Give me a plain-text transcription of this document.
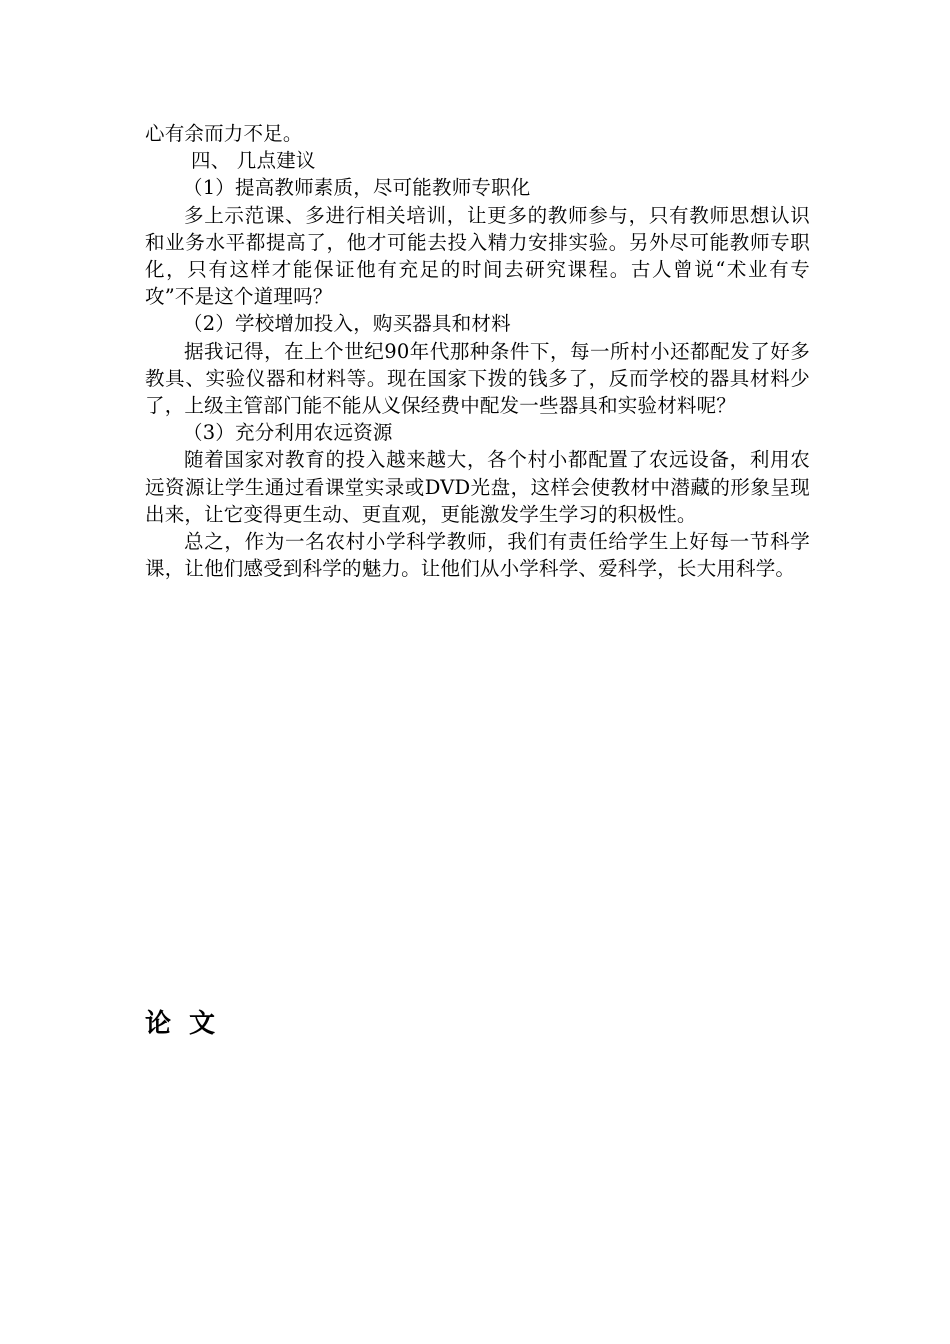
心有余而力不足。

四、 几点建议

（1）提高教师素质，尽可能教师专职化

多上示范课、多进行相关培训，让更多的教师参与，只有教师思想认识和业务水平都提高了，他才可能去投入精力安排实验。另外尽可能教师专职化，只有这样才能保证他有充足的时间去研究课程。古人曾说“术业有专攻”不是这个道理吗？

（2）学校增加投入，购买器具和材料

据我记得，在上个世纪90年代那种条件下，每一所村小还都配发了好多教具、实验仪器和材料等。现在国家下拨的钱多了，反而学校的器具材料少了，上级主管部门能不能从义保经费中配发一些器具和实验材料呢？

（3）充分利用农远资源

随着国家对教育的投入越来越大，各个村小都配置了农远设备，利用农远资源让学生通过看课堂实录或DVD光盘，这样会使教材中潜藏的形象呈现出来，让它变得更生动、更直观，更能激发学生学习的积极性。

总之，作为一名农村小学科学教师，我们有责任给学生上好每一节科学课，让他们感受到科学的魅力。让他们从小学科学、爱科学，长大用科学。

论文
